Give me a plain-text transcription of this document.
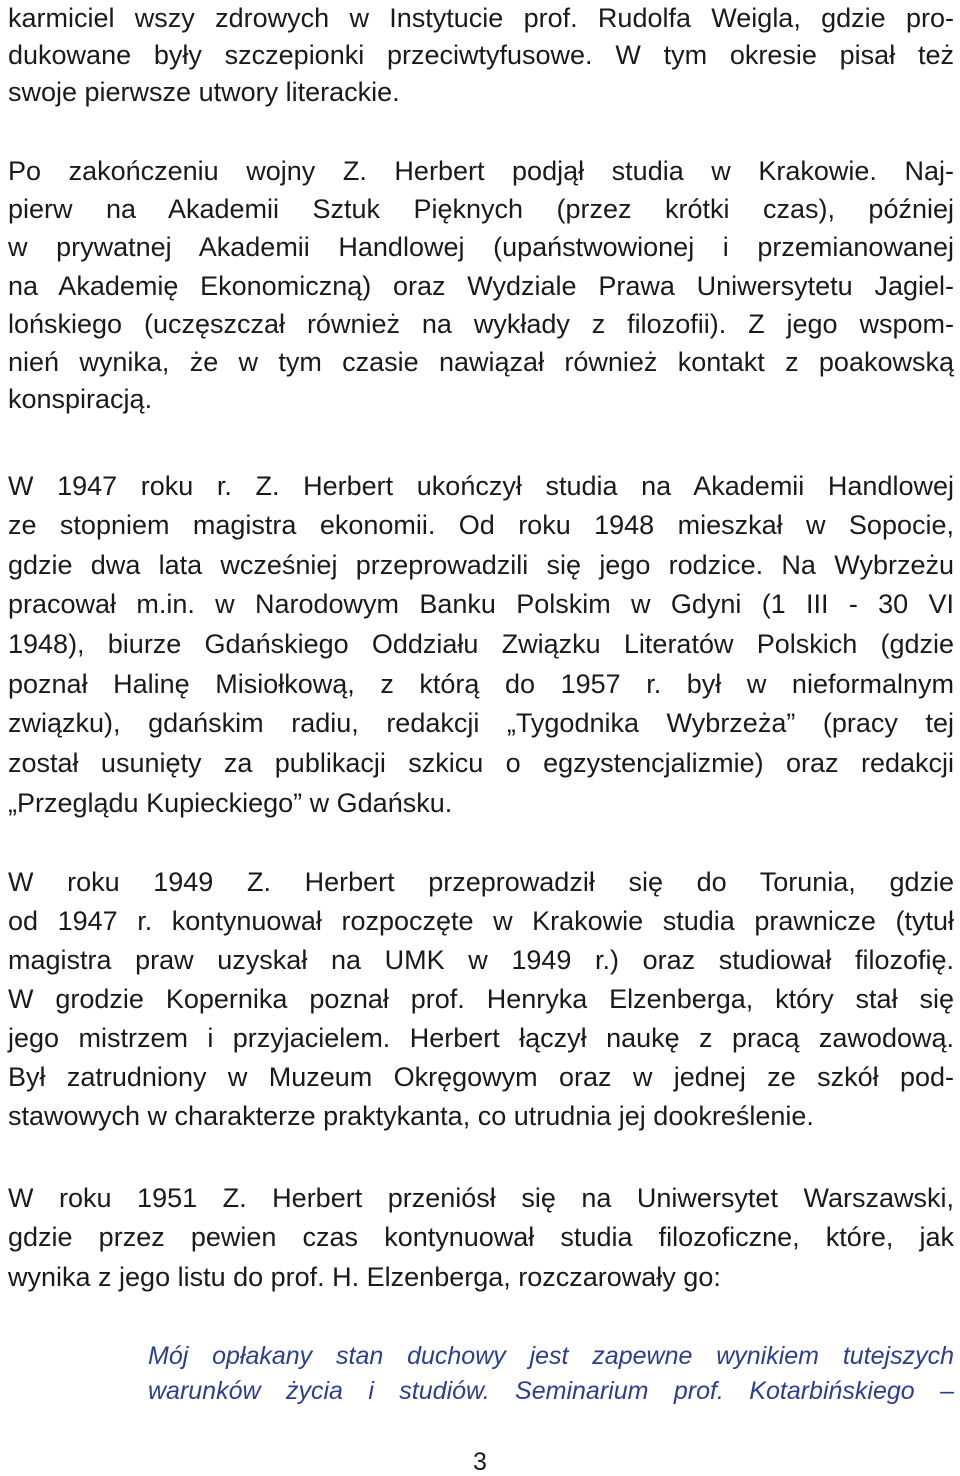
karmiciel wszy zdrowych w Instytucie prof. Rudolfa Weigla, gdzie pro-
dukowane były szczepionki przeciwtyfusowe. W tym okresie pisał też
swoje pierwsze utwory literackie.
Po zakończeniu wojny Z. Herbert podjął studia w Krakowie. Naj-
pierw na Akademii Sztuk Pięknych (przez krótki czas), później
w prywatnej Akademii Handlowej (upaństwowionej i przemianowanej
na Akademię Ekonomiczną) oraz Wydziale Prawa Uniwersytetu Jagiel-
lońskiego (uczęszczał również na wykłady z filozofii). Z jego wspom-
nień wynika, że w tym czasie nawiązał również kontakt z poakowską
konspiracją.
W 1947 roku r. Z. Herbert ukończył studia na Akademii Handlowej
ze stopniem magistra ekonomii. Od roku 1948 mieszkał w Sopocie,
gdzie dwa lata wcześniej przeprowadzili się jego rodzice. Na Wybrzeżu
pracował m.in. w Narodowym Banku Polskim w Gdyni (1 III - 30 VI
1948), biurze Gdańskiego Oddziału Związku Literatów Polskich (gdzie
poznał Halinę Misiołkową, z którą do 1957 r. był w nieformalnym
związku), gdańskim radiu, redakcji „Tygodnika Wybrzeża” (pracy tej
został usunięty za publikacji szkicu o egzystencjalizmie) oraz redakcji
„Przeglądu Kupieckiego” w Gdańsku.
W roku 1949 Z. Herbert przeprowadził się do Torunia, gdzie
od 1947 r. kontynuował rozpoczęte w Krakowie studia prawnicze (tytuł
magistra praw uzyskał na UMK w 1949 r.) oraz studiował filozofię.
W grodzie Kopernika poznał prof. Henryka Elzenberga, który stał się
jego mistrzem i przyjacielem. Herbert łączył naukę z pracą zawodową.
Był zatrudniony w Muzeum Okręgowym oraz w jednej ze szkół pod-
stawowych w charakterze praktykanta, co utrudnia jej dookreślenie.
W roku 1951 Z. Herbert przeniósł się na Uniwersytet Warszawski,
gdzie przez pewien czas kontynuował studia filozoficzne, które, jak
wynika z jego listu do prof. H. Elzenberga, rozczarowały go:
Mój opłakany stan duchowy jest zapewne wynikiem tutejszych
warunków życia i studiów. Seminarium prof. Kotarbińskiego –
3
